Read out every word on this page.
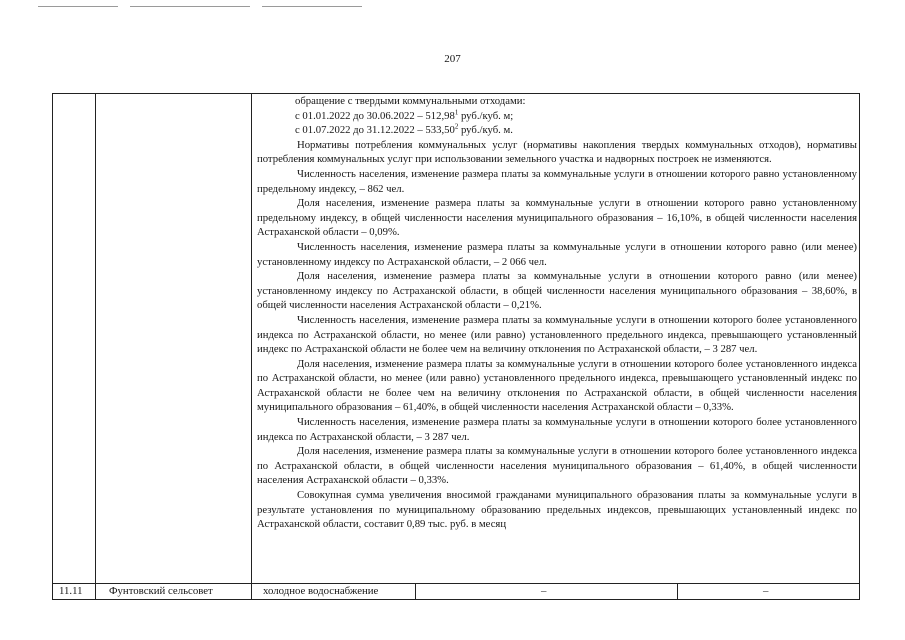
207

обращение с твердыми коммунальными отходами:

с 01.01.2022 до 30.06.2022 – 512,98$^1$ руб./куб. м;

с 01.07.2022 до 31.12.2022 – 533,50$^2$ руб./куб. м.

Нормативы потребления коммунальных услуг (нормативы накопления твердых коммунальных отходов), нормативы потребления коммунальных услуг при использовании земельного участка и надворных построек не изменяются.

Численность населения, изменение размера платы за коммунальные услуги в отношении которого равно установленному предельному индексу, – 862 чел.

Доля населения, изменение размера платы за коммунальные услуги в отношении которого равно установленному предельному индексу, в общей численности населения муниципального образования – 16,10%, в общей численности населения Астраханской области – 0,09%.

Численность населения, изменение размера платы за коммунальные услуги в отношении которого равно (или менее) установленному индексу по Астраханской области, – 2 066 чел.

Доля населения, изменение размера платы за коммунальные услуги в отношении которого равно (или менее) установленному индексу по Астраханской области, в общей численности населения муниципального образования – 38,60%, в общей численности населения Астраханской области – 0,21%.

Численность населения, изменение размера платы за коммунальные услуги в отношении которого более установленного индекса по Астраханской области, но менее (или равно) установленного предельного индекса, превышающего установленный индекс по Астраханской области не более чем на величину отклонения по Астраханской области, – 3 287 чел.

Доля населения, изменение размера платы за коммунальные услуги в отношении которого более установленного индекса по Астраханской области, но менее (или равно) установленного предельного индекса, превышающего установленный индекс по Астраханской области не более чем на величину отклонения по Астраханской области, в общей численности населения муниципального образования – 61,40%, в общей численности населения Астраханской области – 0,33%.

Численность населения, изменение размера платы за коммунальные услуги в отношении которого более установленного индекса по Астраханской области, – 3 287 чел.

Доля населения, изменение размера платы за коммунальные услуги в отношении которого более установленного индекса по Астраханской области, в общей численности населения муниципального образования – 61,40%, в общей численности населения Астраханской области – 0,33%.

Совокупная сумма увеличения вносимой гражданами муниципального образования платы за коммунальные услуги в результате установления по муниципальному образованию предельных индексов, превышающих установленный индекс по Астраханской области, составит 0,89 тыс. руб. в месяц

11.11 Фунтовский сельсовет	холодное водоснабжение	–	–
